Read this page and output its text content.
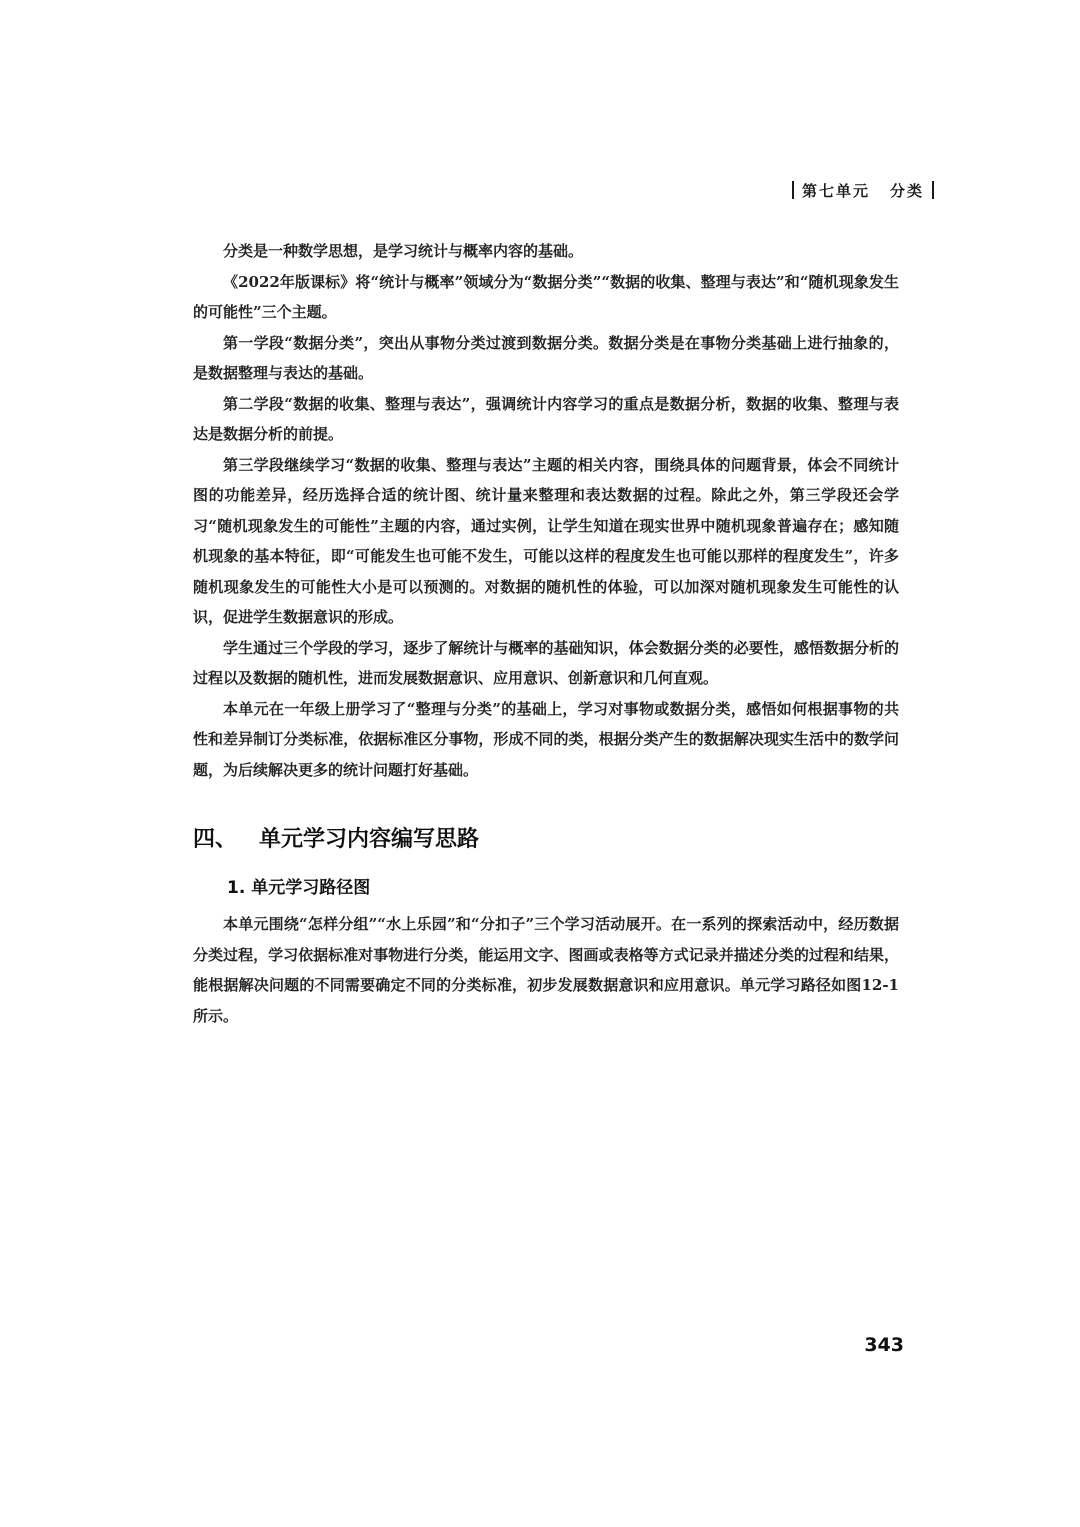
第七单元 分类

分类是一种数学思想，是学习统计与概率内容的基础。

《2022年版课标》将“统计与概率”领域分为“数据分类”“数据的收集、整理与表达”和“随机现象发生的可能性”三个主题。

第一学段“数据分类”，突出从事物分类过渡到数据分类。数据分类是在事物分类基础上进行抽象的，是数据整理与表达的基础。

第二学段“数据的收集、整理与表达”，强调统计内容学习的重点是数据分析，数据的收集、整理与表达是数据分析的前提。

第三学段继续学习“数据的收集、整理与表达”主题的相关内容，围绕具体的问题背景，体会不同统计图的功能差异，经历选择合适的统计图、统计量来整理和表达数据的过程。除此之外，第三学段还会学习“随机现象发生的可能性”主题的内容，通过实例，让学生知道在现实世界中随机现象普遍存在；感知随机现象的基本特征，即“可能发生也可能不发生，可能以这样的程度发生也可能以那样的程度发生”，许多随机现象发生的可能性大小是可以预测的。对数据的随机性的体验，可以加深对随机现象发生可能性的认识，促进学生数据意识的形成。

学生通过三个学段的学习，逐步了解统计与概率的基础知识，体会数据分类的必要性，感悟数据分析的过程以及数据的随机性，进而发展数据意识、应用意识、创新意识和几何直观。

本单元在一年级上册学习了“整理与分类”的基础上，学习对事物或数据分类，感悟如何根据事物的共性和差异制订分类标准，依据标准区分事物，形成不同的类，根据分类产生的数据解决现实生活中的数学问题，为后续解决更多的统计问题打好基础。

四、 单元学习内容编写思路
1. 单元学习路径图

本单元围绕“怎样分组”“水上乐园”和“分扣子”三个学习活动展开。在一系列的探索活动中，经历数据分类过程，学习依据标准对事物进行分类，能运用文字、图画或表格等方式记录并描述分类的过程和结果，能根据解决问题的不同需要确定不同的分类标准，初步发展数据意识和应用意识。单元学习路径如图12-1所示。

343
